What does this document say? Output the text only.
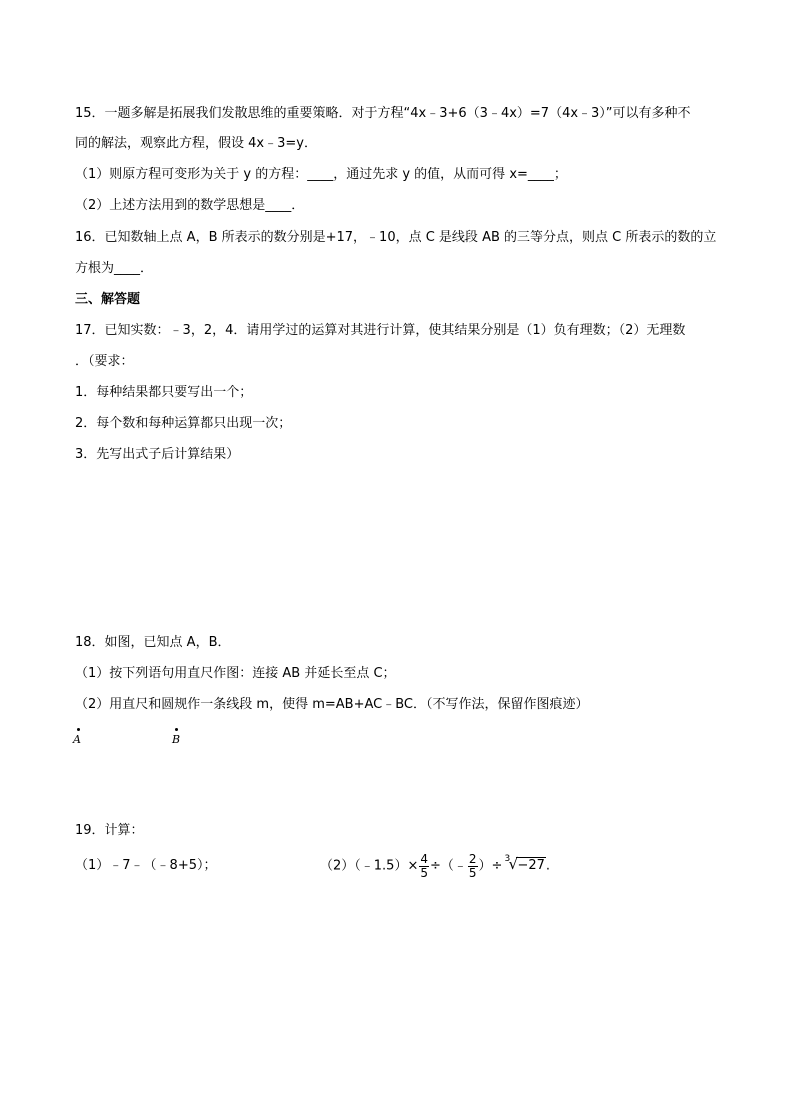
15．一题多解是拓展我们发散思维的重要策略．对于方程“4x﹣3+6（3﹣4x）=7（4x﹣3）”可以有多种不
同的解法，观察此方程，假设 4x﹣3=y．
（1）则原方程可变形为关于 y 的方程：____，通过先求 y 的值，从而可得 x=____；
（2）上述方法用到的数学思想是____．
16．已知数轴上点 A，B 所表示的数分别是+17，﹣10，点 C 是线段 AB 的三等分点，则点 C 所表示的数的立
方根为____．
三、解答题
17．已知实数：﹣3，2，4．请用学过的运算对其进行计算，使其结果分别是（1）负有理数；（2）无理数
．（要求：
1．每种结果都只要写出一个；
2．每个数和每种运算都只出现一次；
3．先写出式子后计算结果）
18．如图，已知点 A，B．
（1）按下列语句用直尺作图：连接 AB 并延长至点 C；
（2）用直尺和圆规作一条线段 m，使得 m=AB+AC﹣BC．（不写作法，保留作图痕迹）
A	B
19．计算：
（1）﹣7﹣（﹣8+5）；	（2）（﹣1.5）× $\frac{4}{5}$ ÷（﹣ $\frac{2}{5}$ ）÷ 3
√ −27.
